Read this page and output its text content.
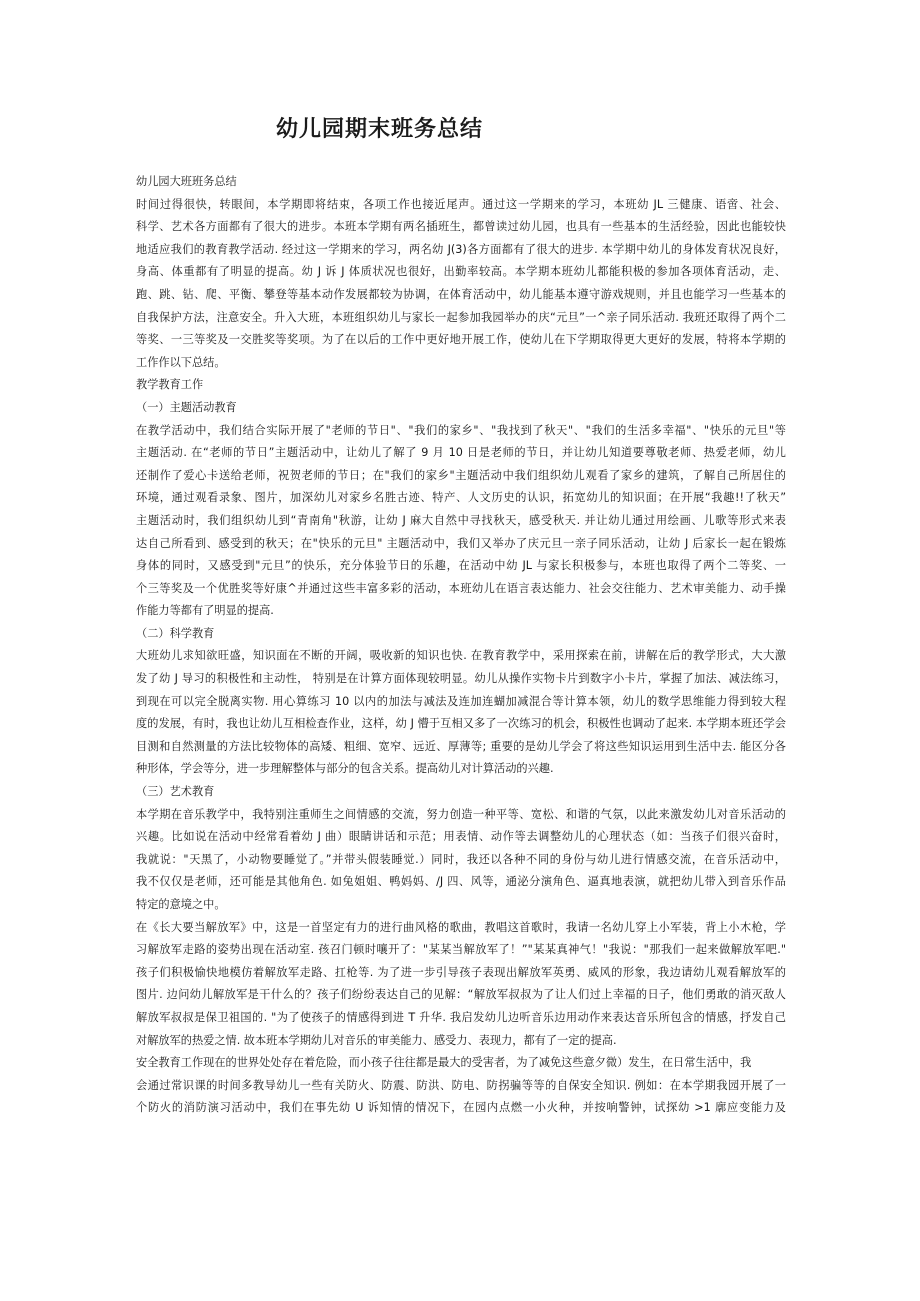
幼儿园期末班务总结
幼儿园大班班务总结
时间过得很快，转眼间，本学期即将结束，各项工作也接近尾声。通过这一学期来的学习，本班幼 JL 三健康、语啻、社会、
科学、艺术各方面都有了很大的进步。本班本学期有两名插班生，都曾读过幼儿园，也具有一些基本的生活经验，因此也能较快
地适应我们的教育教学活动. 经过这一学期来的学习，两名幼 J(3)各方面都有了很大的进步. 本学期中幼儿的身体发育状况良好，
身高、体重都有了明显的提高。幼 J 诉 J 体质状况也很好，出勤率较高。本学期本班幼儿都能积极的参加各项体育活动，走、
跑、跳、钻、爬、平衡、攀登等基本动作发展都较为协调，在体育活动中，幼儿能基本遵守游戏规则，并且也能学习一些基本的
自我保护方法，注意安全。升入大班，本班组织幼儿与家长一起参加我园举办的庆“元旦”一^亲子同乐活动. 我班还取得了两个二
等奖、一三等奖及一交胜奖等奖项。为了在以后的工作中更好地开展工作，使幼儿在下学期取得更大更好的发展，特将本学期的
工作作以下总结。
教学教育工作
（一）主题活动教育
在教学活动中，我们结合实际开展了"老师的节日"、"我们的家乡"、"我找到了秋天"、"我们的生活多幸福"、"快乐的元旦"等
主题活动. 在“老师的节日”主题活动中，让幼儿了解了 9 月 10 日是老师的节日，并让幼儿知道要尊敬老师、热爱老师，幼儿
还制作了爱心卡送给老师，祝贺老师的节日；在"我们的家乡"主题活动中我们组织幼儿观看了家乡的建筑，了解自己所居住的
环境，通过观看录象、图片，加深幼儿对家乡名胜古迹、特产、人文历史的认识，拓宽幼儿的知识面；在开展“我趣!!了秋天”
主题活动时，我们组织幼儿到“青南角"秋游，让幼 J 麻大自然中寻找秋天，感受秋天. 并让幼儿通过用绘画、儿歌等形式来表
达自己所看到、感受到的秋天；在"快乐的元旦" 主题活动中，我们又举办了庆元旦一亲子同乐活动，让幼 J 后家长一起在锻炼
身体的同时，又感受到"元旦”的快乐，充分体验节日的乐趣，在活动中幼 JL 与家长积极参与，本班也取得了两个二等奖、一
个三等奖及一个优胜奖等好康^并通过这些丰富多彩的活动，本班幼儿在语言表达能力、社会交往能力、艺术审美能力、动手操
作能力等都有了明显的提高.
（二）科学教育
大班幼儿求知欲旺盛，知识面在不断的开阔，吸收新的知识也快. 在教育教学中，采用探索在前，讲解在后的教学形式，大大激
发了幼 J 导习的积极性和主动性， 特别是在计算方面体现较明显。幼儿从操作实物卡片到数字小卡片，掌握了加法、减法练习，
到现在可以完全脱离实物. 用心算练习 10 以内的加法与减法及连加连蝴加减混合等计算本领，幼儿的数学思维能力得到较大程
度的发展，有时，我也让幼儿互相检查作业，这样，幼 J 懵于互相又多了一次练习的机会，积极性也调动了起来. 本学期本班还学会
目测和自然测量的方法比较物体的高矮、粗细、宽窄、远近、厚薄等; 重要的是幼儿学会了将这些知识运用到生活中去. 能区分各
种形体，学会等分，进一步理解整体与部分的包含关系。提高幼儿对计算活动的兴趣.
（三）艺术教育
本学期在音乐教学中，我特别注重师生之间情感的交流，努力创造一种平等、宽松、和谐的气氛，以此来激发幼儿对音乐活动的
兴趣。比如说在活动中经常看着幼 J 曲）眼睛讲话和示范；用表情、动作等去调整幼儿的心理状态（如：当孩子们很兴奋时，
我就说："天黑了，小动物要睡觉了。”并带头假装睡觉.）同时，我还以各种不同的身份与幼儿进行情感交流，在音乐活动中，
我不仅仅是老师，还可能是其他角色. 如兔姐姐、鸭妈妈、/J 四、风等，通泌分演角色、逼真地表演，就把幼儿带入到音乐作品
特定的意境之中。
在《长大要当解放军》中，这是一首坚定有力的进行曲风格的歌曲，教唱这首歌时，我请一名幼儿穿上小军装，背上小木枪，学
习解放军走路的姿势出现在活动室. 孩召门顿时嚷开了："某某当解放军了！”"某某真神气！"我说："那我们一起来做解放军吧."
孩子们积极愉快地模仿着解放军走路、扛枪等. 为了进一步引导孩子表现出解放军英勇、威风的形象，我边请幼儿观看解放军的
图片. 边问幼儿解放军是干什么的？孩子们纷纷表达自己的见解：“解放军叔叔为了让人们过上幸福的日子，他们勇敢的消灭敌人
解放军叔叔是保卫祖国的. "为了使孩子的情感得到进 T 升华. 我启发幼儿边听音乐边用动作来表达音乐所包含的情感，抒发自己
对解放军的热爱之情. 故本班本学期幼儿对音乐的审美能力、感受力、表现力，都有了一定的提高.
安全教育工作现在的世界处处存在着危险，而小孩子往往都是最大的受害者，为了减免这些意夕微）发生，在日常生活中，我
会通过常识课的时间多教导幼儿一些有关防火、防震、防洪、防电、防拐骗等等的自保安全知识. 例如：在本学期我园开展了一
个防火的消防演习活动中，我们在事先幼 U 诉知情的情况下，在园内点燃一小火种，并按响警钟，试探幼 >1 廓应变能力及
